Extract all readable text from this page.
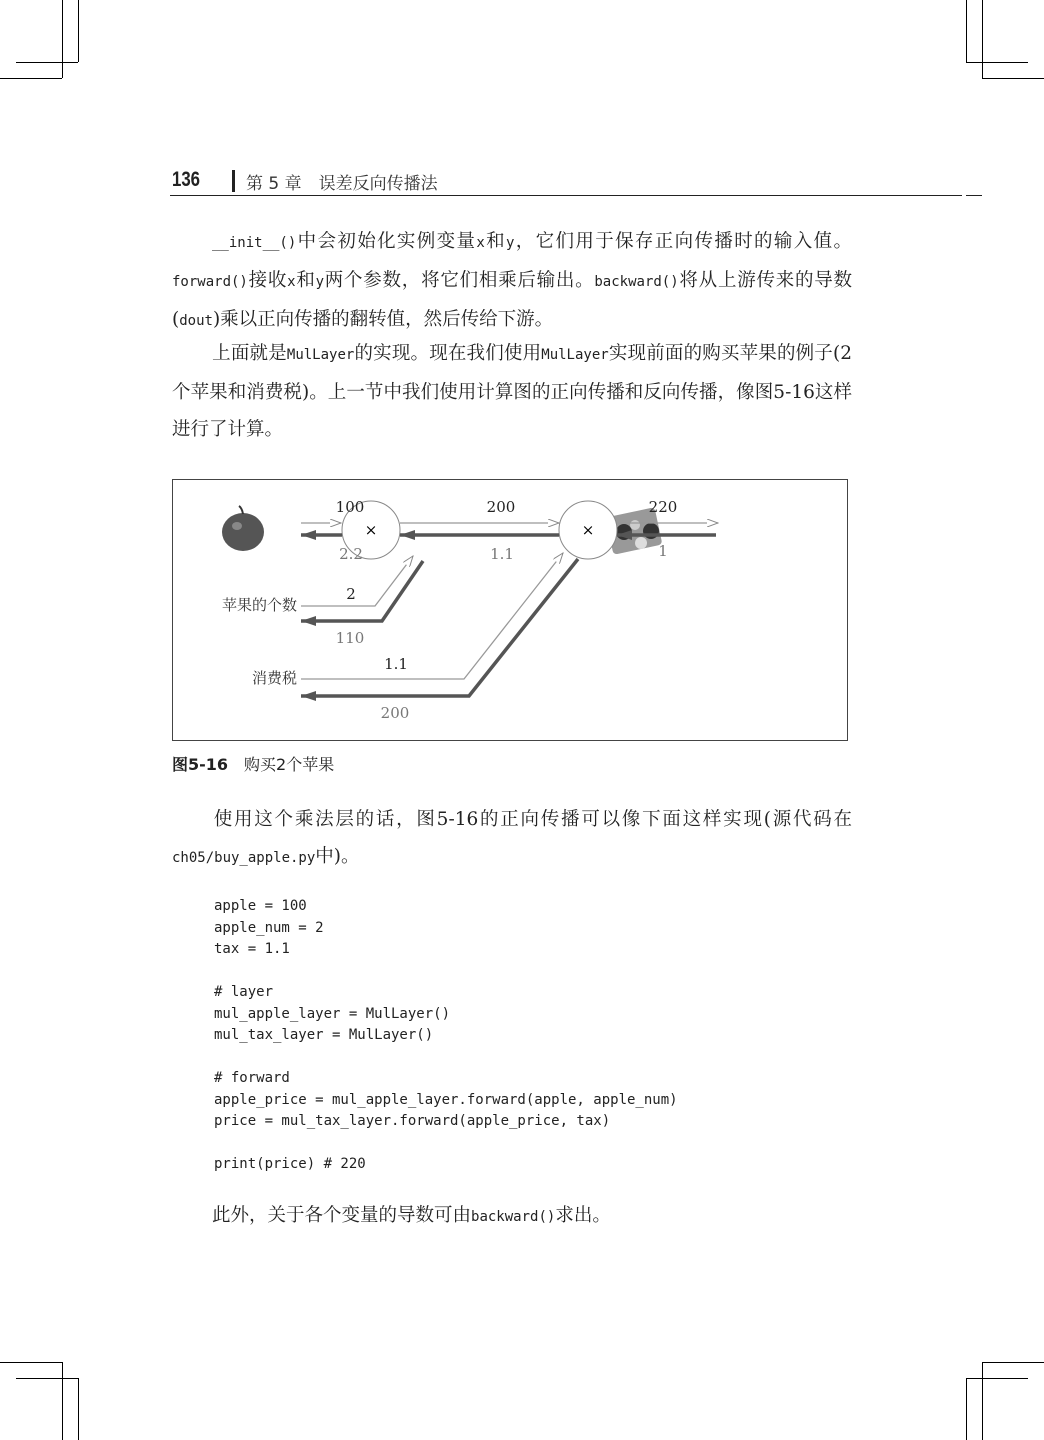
136	第 5 章　误差反向传播法
__init__()中会初始化实例变量x和y，它们用于保存正向传播时的输入值。forward()接收x和y两个参数，将它们相乘后输出。backward()将从上游传来的导数(dout)乘以正向传播的翻转值，然后传给下游。
上面就是MulLayer的实现。现在我们使用MulLayer实现前面的购买苹果的例子(2个苹果和消费税)。上一节中我们使用计算图的正向传播和反向传播，像图5-16这样进行了计算。
×	×
100	200	220
2
1.1
2.2	1.1	1
110
200
苹果的个数
消费税
图5-16 购买2个苹果
使用这个乘法层的话，图5-16的正向传播可以像下面这样实现(源代码在ch05/buy_apple.py中)。
apple = 100
apple_num = 2
tax = 1.1

# layer
mul_apple_layer = MulLayer()
mul_tax_layer = MulLayer()

# forward
apple_price = mul_apple_layer.forward(apple, apple_num)
price = mul_tax_layer.forward(apple_price, tax)

print(price) # 220
此外，关于各个变量的导数可由backward()求出。
